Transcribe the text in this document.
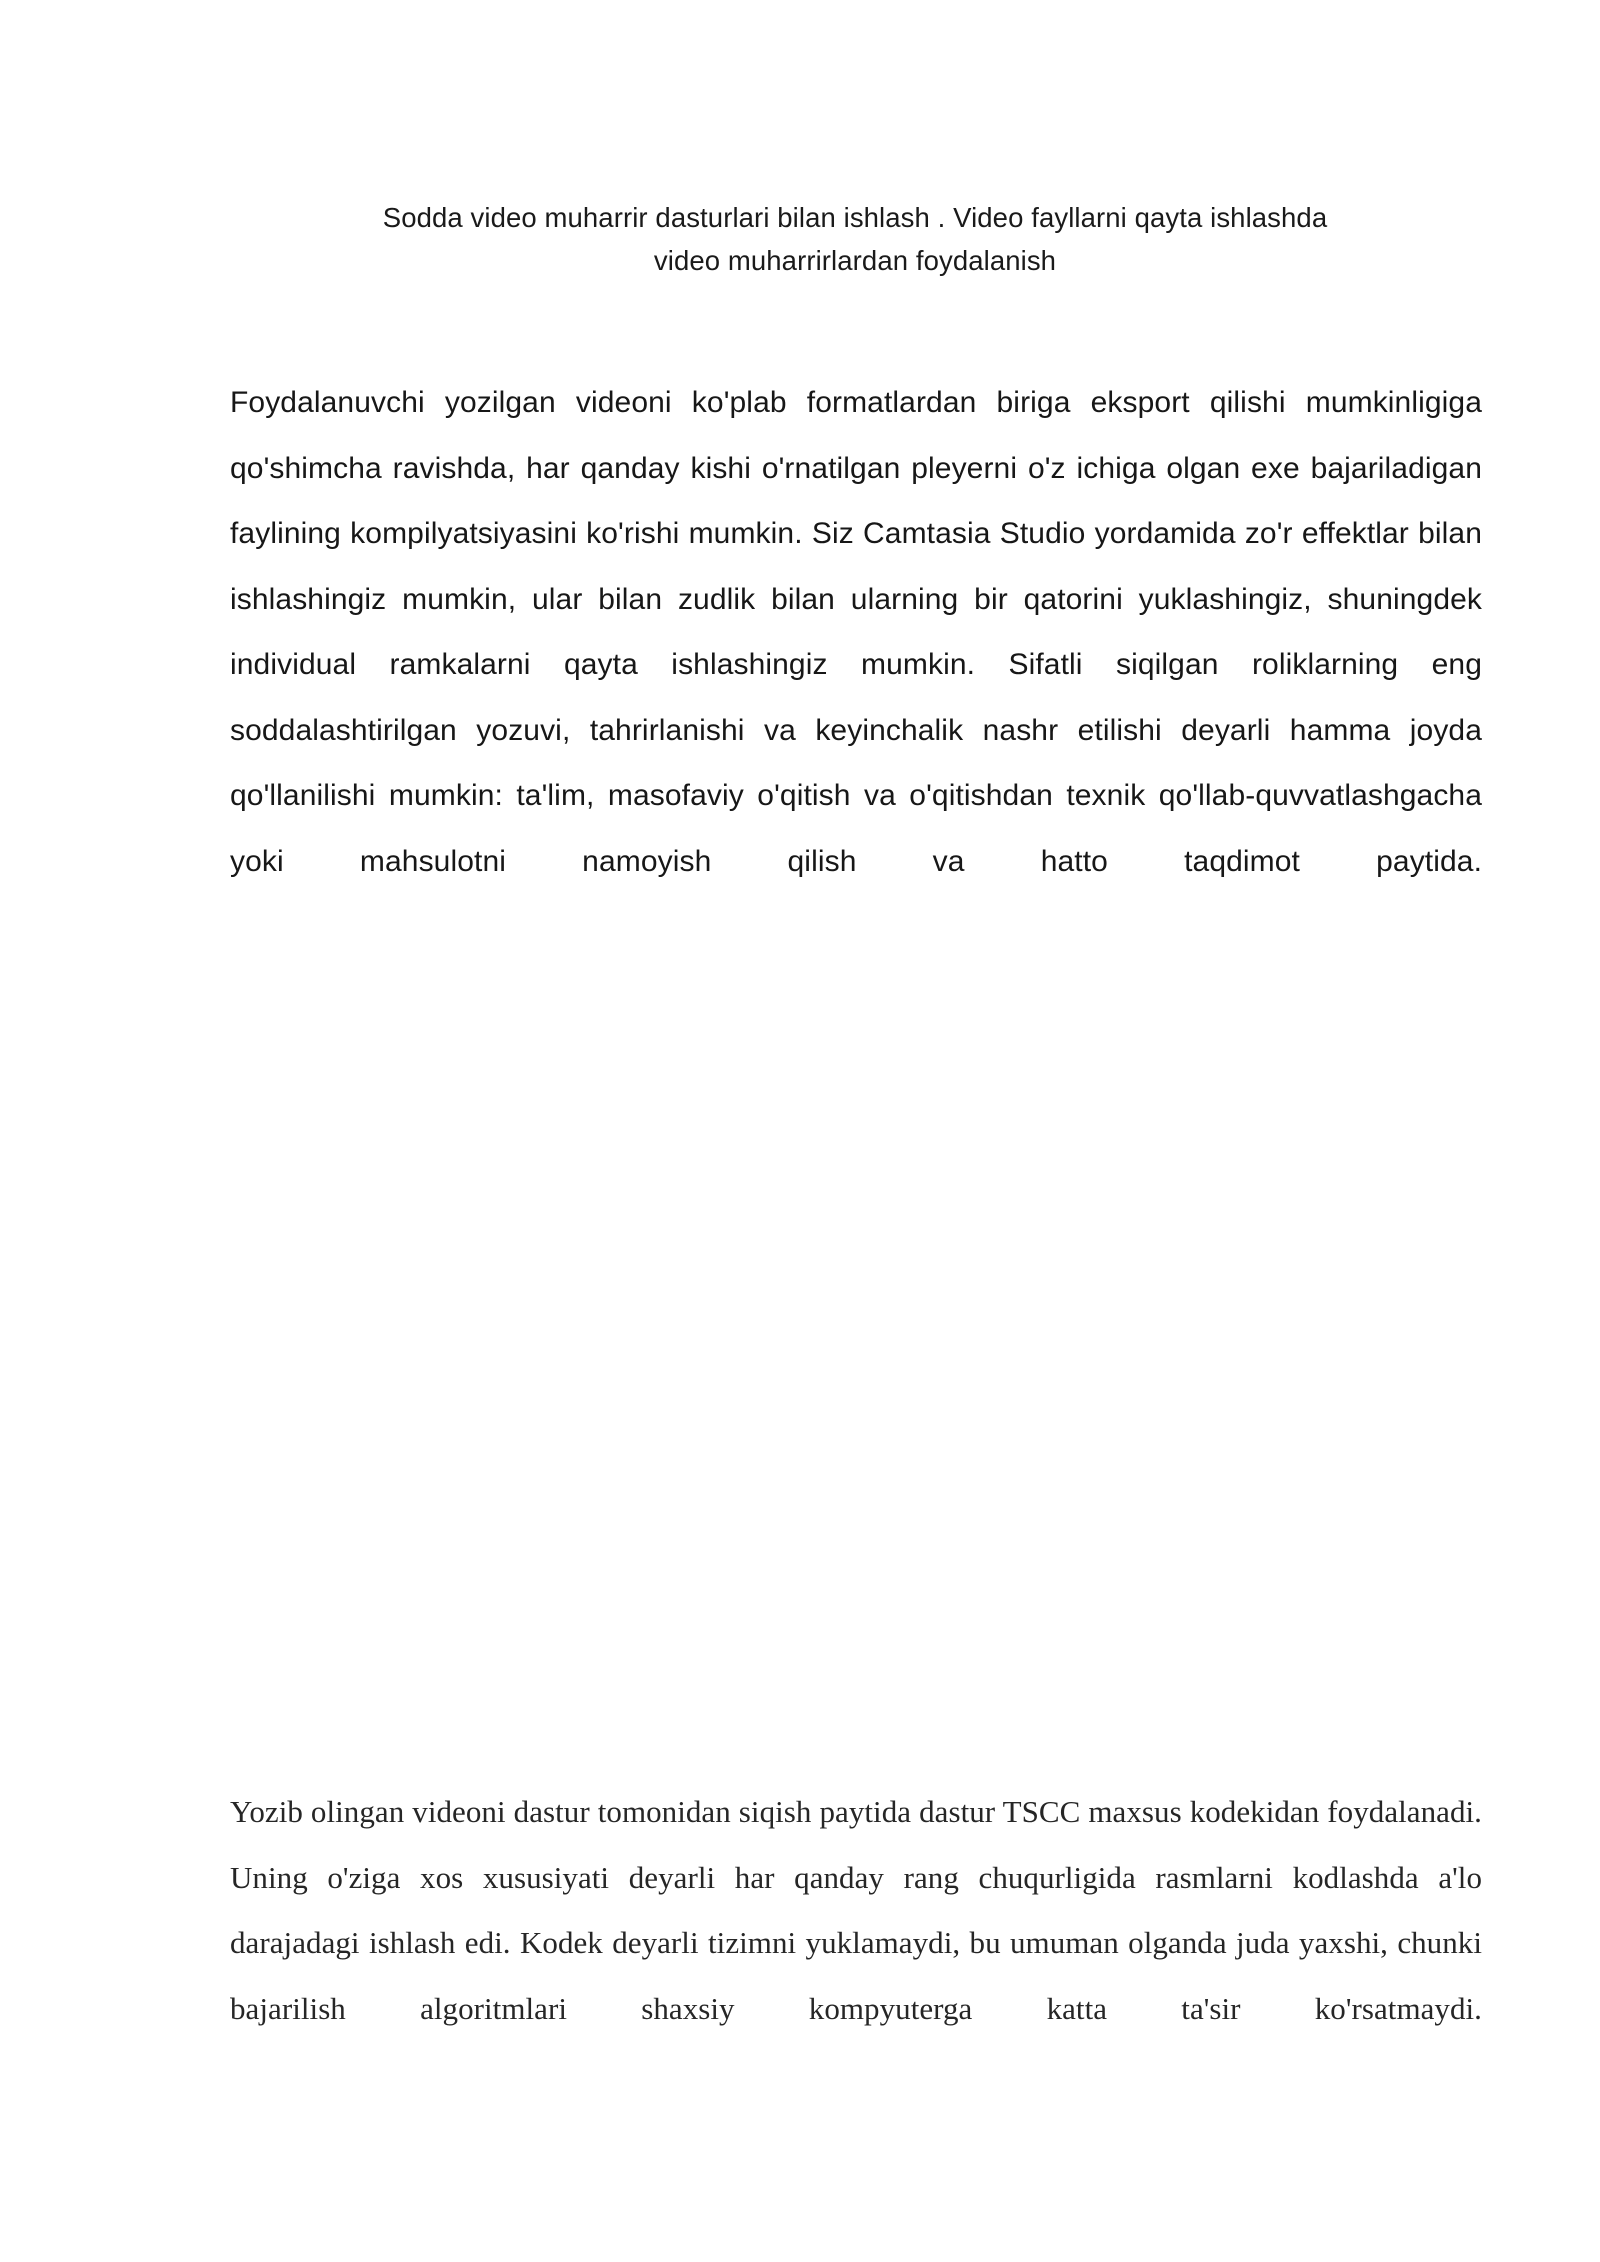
Sodda video muharrir dasturlari bilan ishlash . Video fayllarni qayta ishlashda
video muharrirlardan foydalanish

Foydalanuvchi yozilgan videoni ko'plab formatlardan biriga eksport qilishi mumkinligiga qo'shimcha ravishda, har qanday kishi o'rnatilgan pleyerni o'z ichiga olgan exe bajariladigan faylining kompilyatsiyasini ko'rishi mumkin. Siz Camtasia Studio yordamida zo'r effektlar bilan ishlashingiz mumkin, ular bilan zudlik bilan ularning bir qatorini yuklashingiz, shuningdek individual ramkalarni qayta ishlashingiz mumkin. Sifatli siqilgan roliklarning eng soddalashtirilgan yozuvi, tahrirlanishi va keyinchalik nashr etilishi deyarli hamma joyda qo'llanilishi mumkin: ta'lim, masofaviy o'qitish va o'qitishdan texnik qo'llab-quvvatlashgacha yoki mahsulotni namoyish qilish va hatto taqdimot paytida.

Yozib olingan videoni dastur tomonidan siqish paytida dastur TSCC maxsus kodekidan foydalanadi. Uning o'ziga xos xususiyati deyarli har qanday rang chuqurligida rasmlarni kodlashda a'lo darajadagi ishlash edi. Kodek deyarli tizimni yuklamaydi, bu umuman olganda juda yaxshi, chunki bajarilish algoritmlari shaxsiy kompyuterga katta ta'sir ko'rsatmaydi.
